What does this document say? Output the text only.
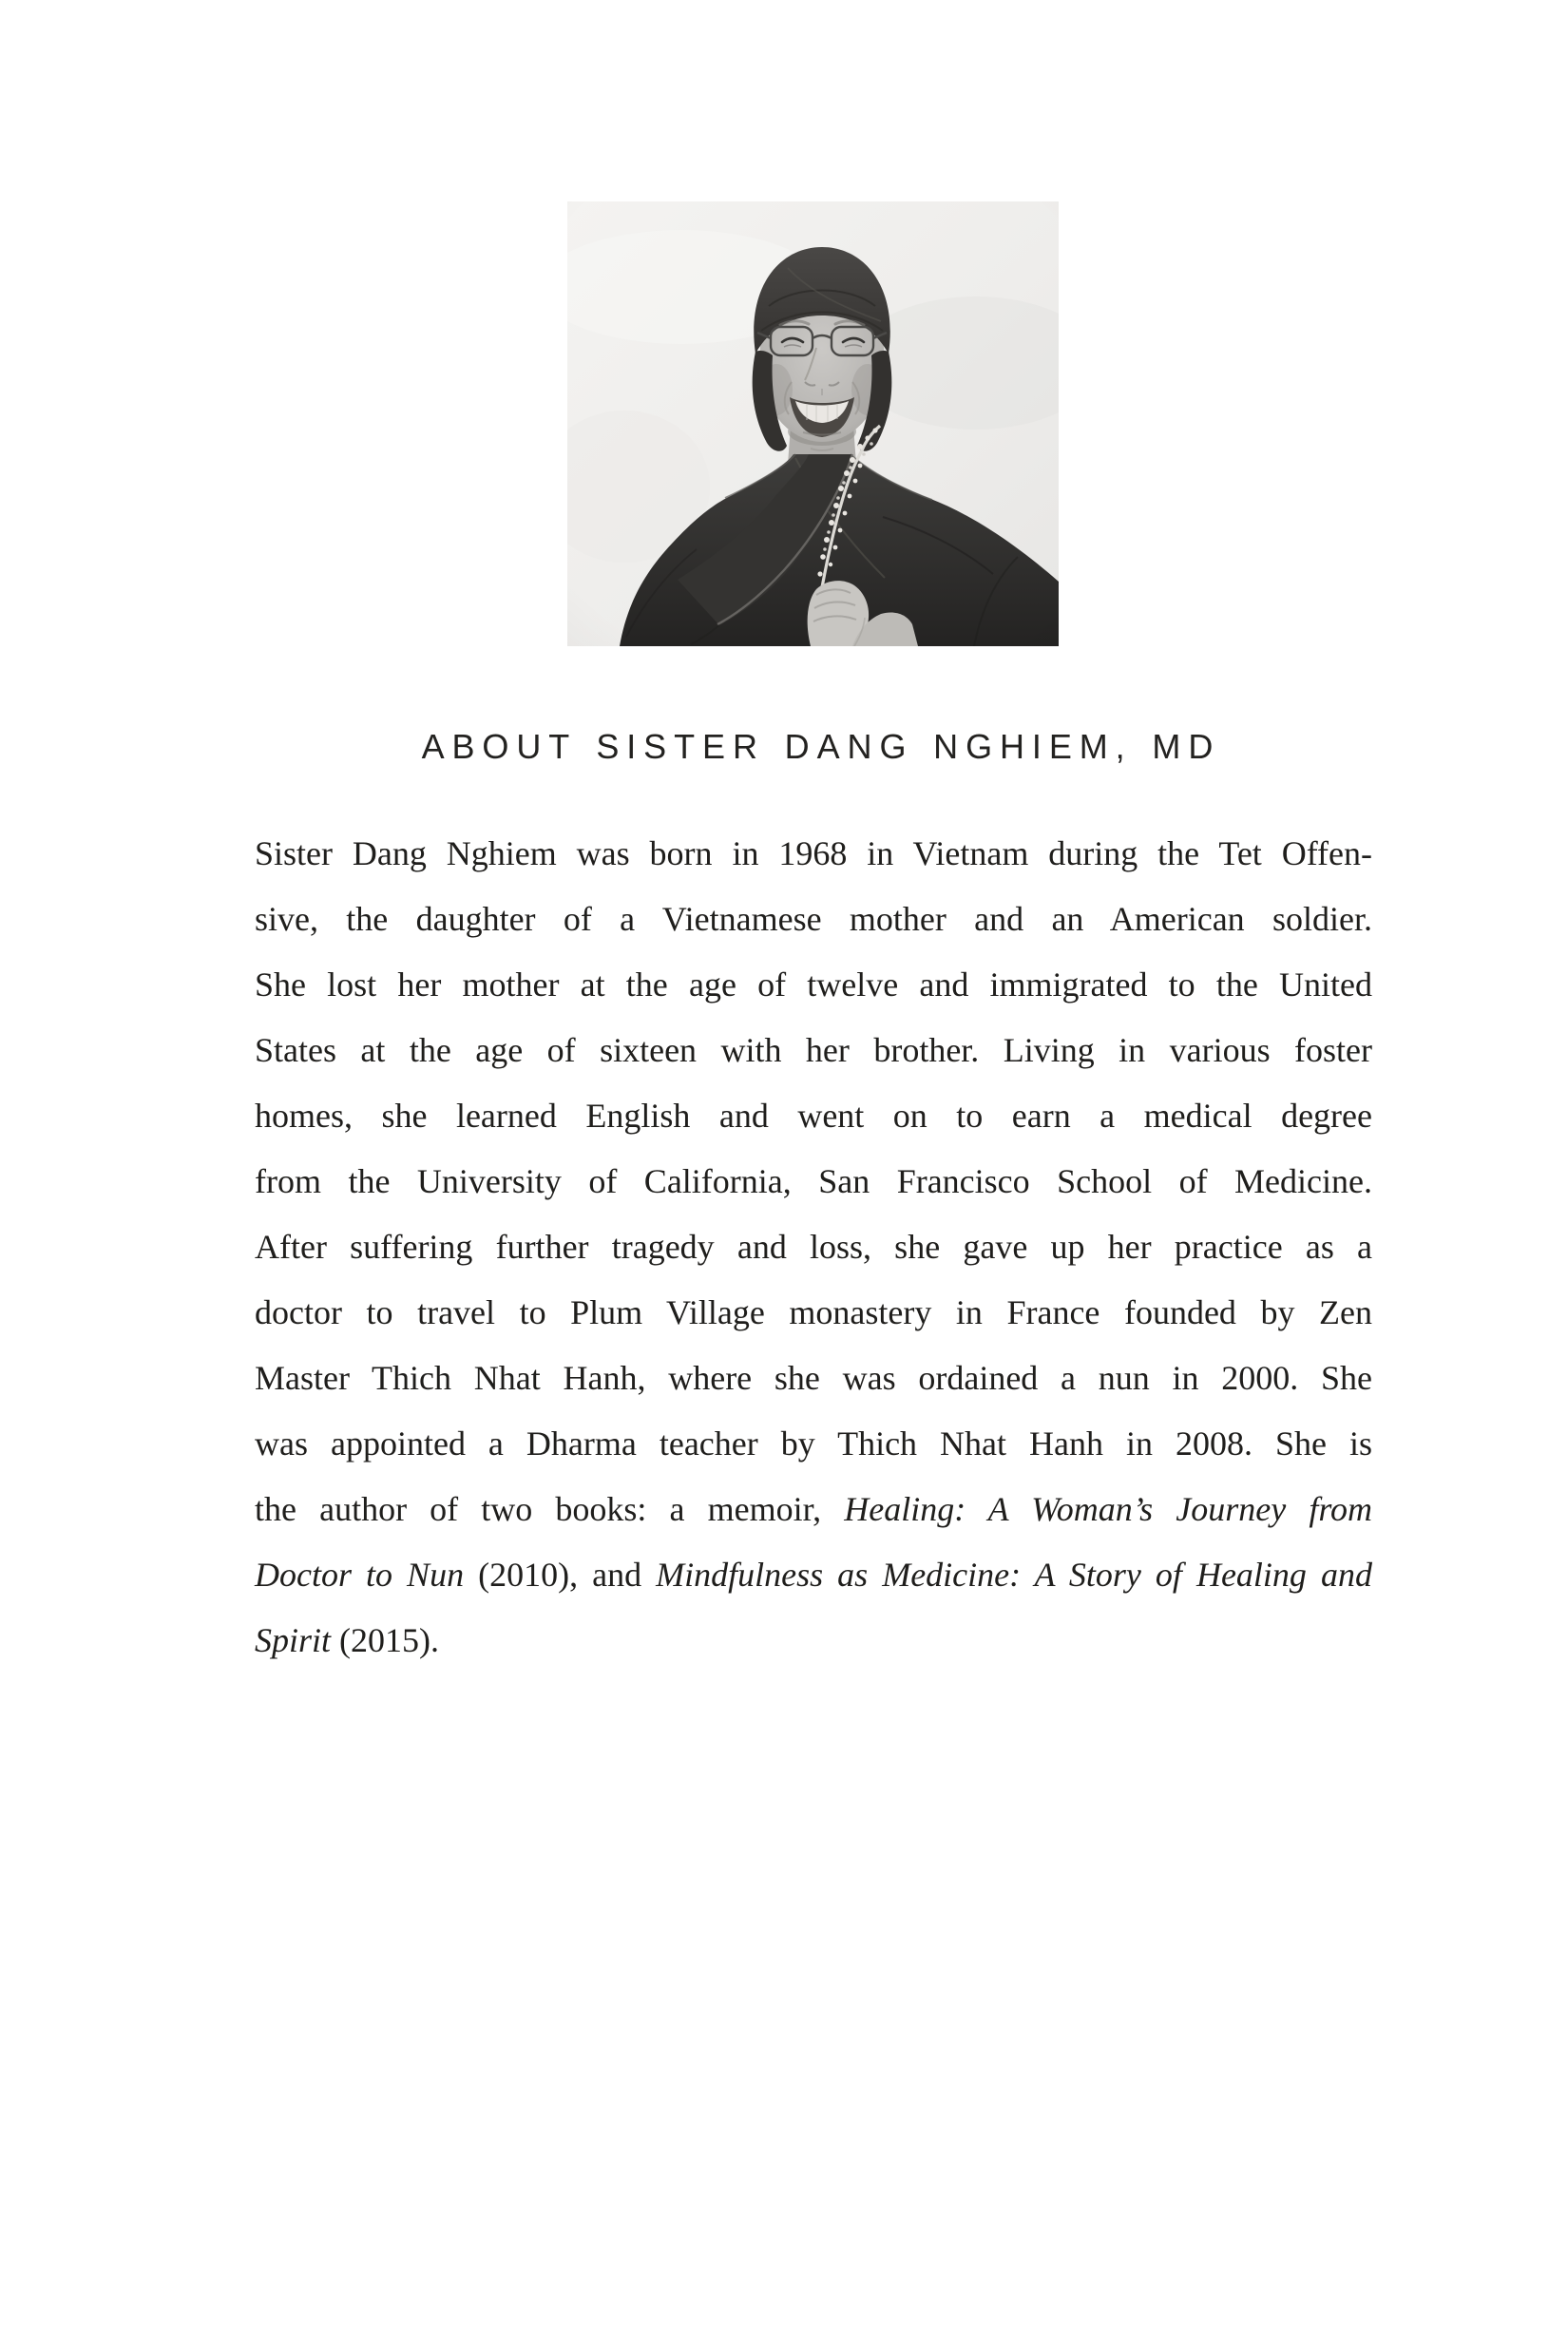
ABOUT SISTER DANG NGHIEM, MD
Sister Dang Nghiem was born in 1968 in Vietnam during the Tet Offen-
sive, the daughter of a Vietnamese mother and an American soldier.
She lost her mother at the age of twelve and immigrated to the United
States at the age of sixteen with her brother. Living in various foster
homes, she learned English and went on to earn a medical degree
from the University of California, San Francisco School of Medicine.
After suffering further tragedy and loss, she gave up her practice as a
doctor to travel to Plum Village monastery in France founded by Zen
Master Thich Nhat Hanh, where she was ordained a nun in 2000. She
was appointed a Dharma teacher by Thich Nhat Hanh in 2008. She is
the author of two books: a memoir, Healing: A Woman’s Journey from
Doctor to Nun (2010), and Mindfulness as Medicine: A Story of Healing and
Spirit (2015).
